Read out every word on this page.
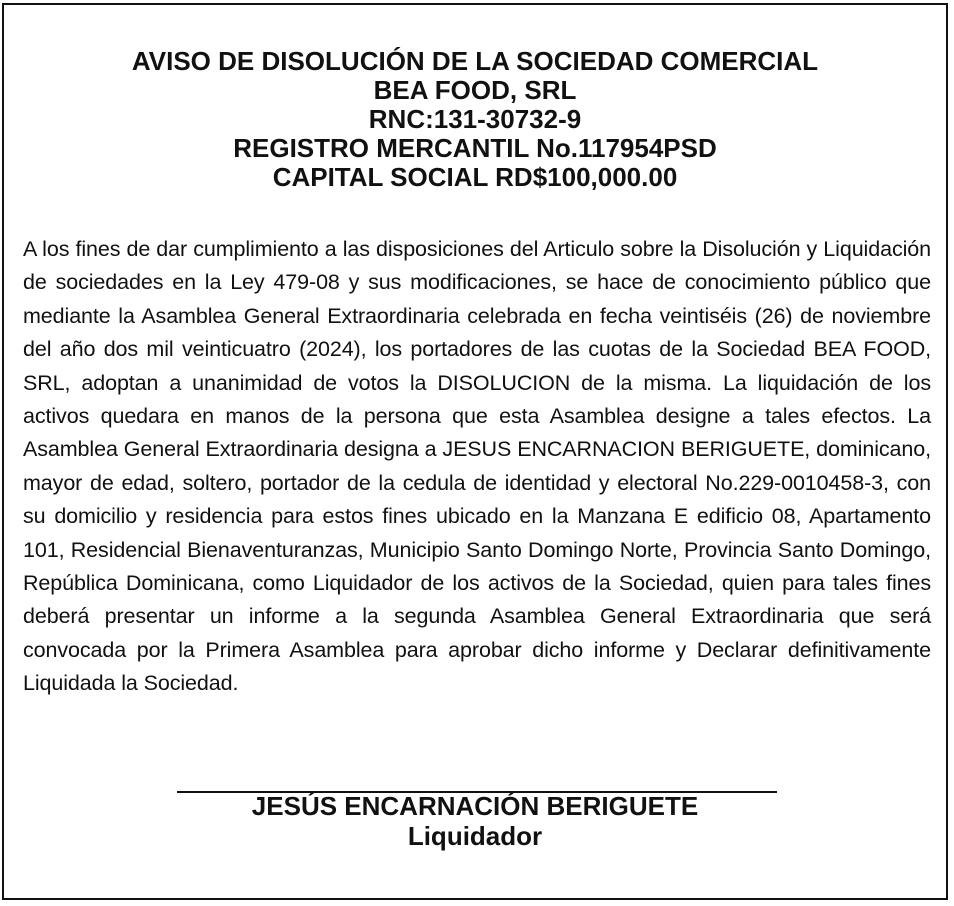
AVISO DE DISOLUCIÓN DE LA SOCIEDAD COMERCIAL
BEA FOOD, SRL
RNC:131-30732-9
REGISTRO MERCANTIL No.117954PSD
CAPITAL SOCIAL RD$100,000.00
A los fines de dar cumplimiento a las disposiciones del Articulo sobre la Disolución y Liquidación de sociedades en la Ley 479-08 y sus modificaciones, se hace de conocimiento público que mediante la Asamblea General Extraordinaria celebrada en fecha veintiséis (26) de noviembre del año dos mil veinticuatro (2024), los portadores de las cuotas de la Sociedad BEA FOOD, SRL, adoptan a unanimidad de votos la DISOLUCION de la misma. La liquidación de los activos quedara en manos de la persona que esta Asamblea designe a tales efectos. La Asamblea General Extraordinaria designa a JESUS ENCARNACION BERIGUETE, dominicano, mayor de edad, soltero, portador de la cedula de identidad y electoral No.229-0010458-3, con su domicilio y residencia para estos fines ubicado en la Manzana E edificio 08, Apartamento 101, Residencial Bienaventuranzas, Municipio Santo Domingo Norte, Provincia Santo Domingo, República Dominicana, como Liquidador de los activos de la Sociedad, quien para tales fines deberá presentar un informe a la segunda Asamblea General Extraordinaria que será convocada por la Primera Asamblea para aprobar dicho informe y Declarar definitivamente Liquidada la Sociedad.
JESÚS ENCARNACIÓN BERIGUETE
Liquidador
